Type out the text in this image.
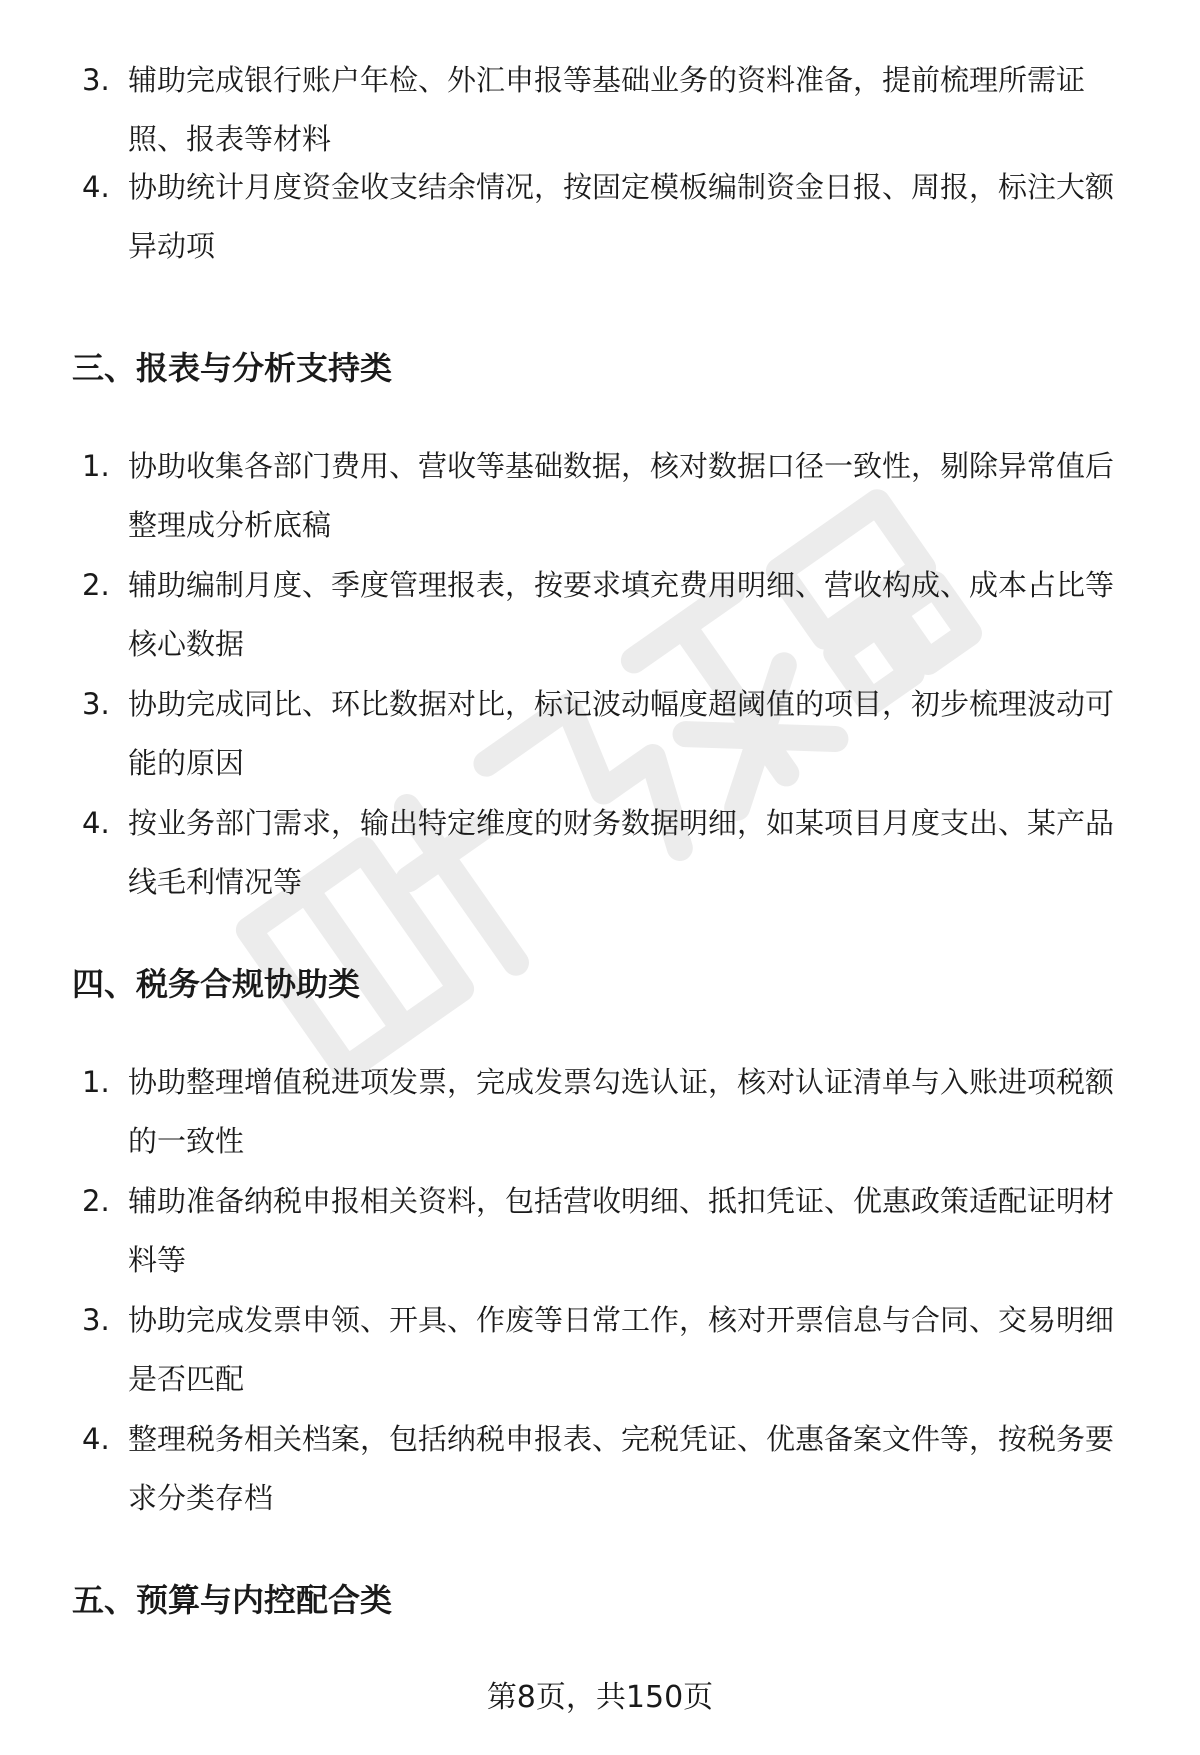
3. 辅助完成银行账户年检、外汇申报等基础业务的资料准备，提前梳理所需证照、报表等材料
4. 协助统计月度资金收支结余情况，按固定模板编制资金日报、周报，标注大额异动项
三、报表与分析支持类
1. 协助收集各部门费用、营收等基础数据，核对数据口径一致性，剔除异常值后整理成分析底稿
2. 辅助编制月度、季度管理报表，按要求填充费用明细、营收构成、成本占比等核心数据
3. 协助完成同比、环比数据对比，标记波动幅度超阈值的项目，初步梳理波动可能的原因
4. 按业务部门需求，输出特定维度的财务数据明细，如某项目月度支出、某产品线毛利情况等
四、税务合规协助类
1. 协助整理增值税进项发票，完成发票勾选认证，核对认证清单与入账进项税额的一致性
2. 辅助准备纳税申报相关资料，包括营收明细、抵扣凭证、优惠政策适配证明材料等
3. 协助完成发票申领、开具、作废等日常工作，核对开票信息与合同、交易明细是否匹配
4. 整理税务相关档案，包括纳税申报表、完税凭证、优惠备案文件等，按税务要求分类存档
五、预算与内控配合类
第8页，共150页
